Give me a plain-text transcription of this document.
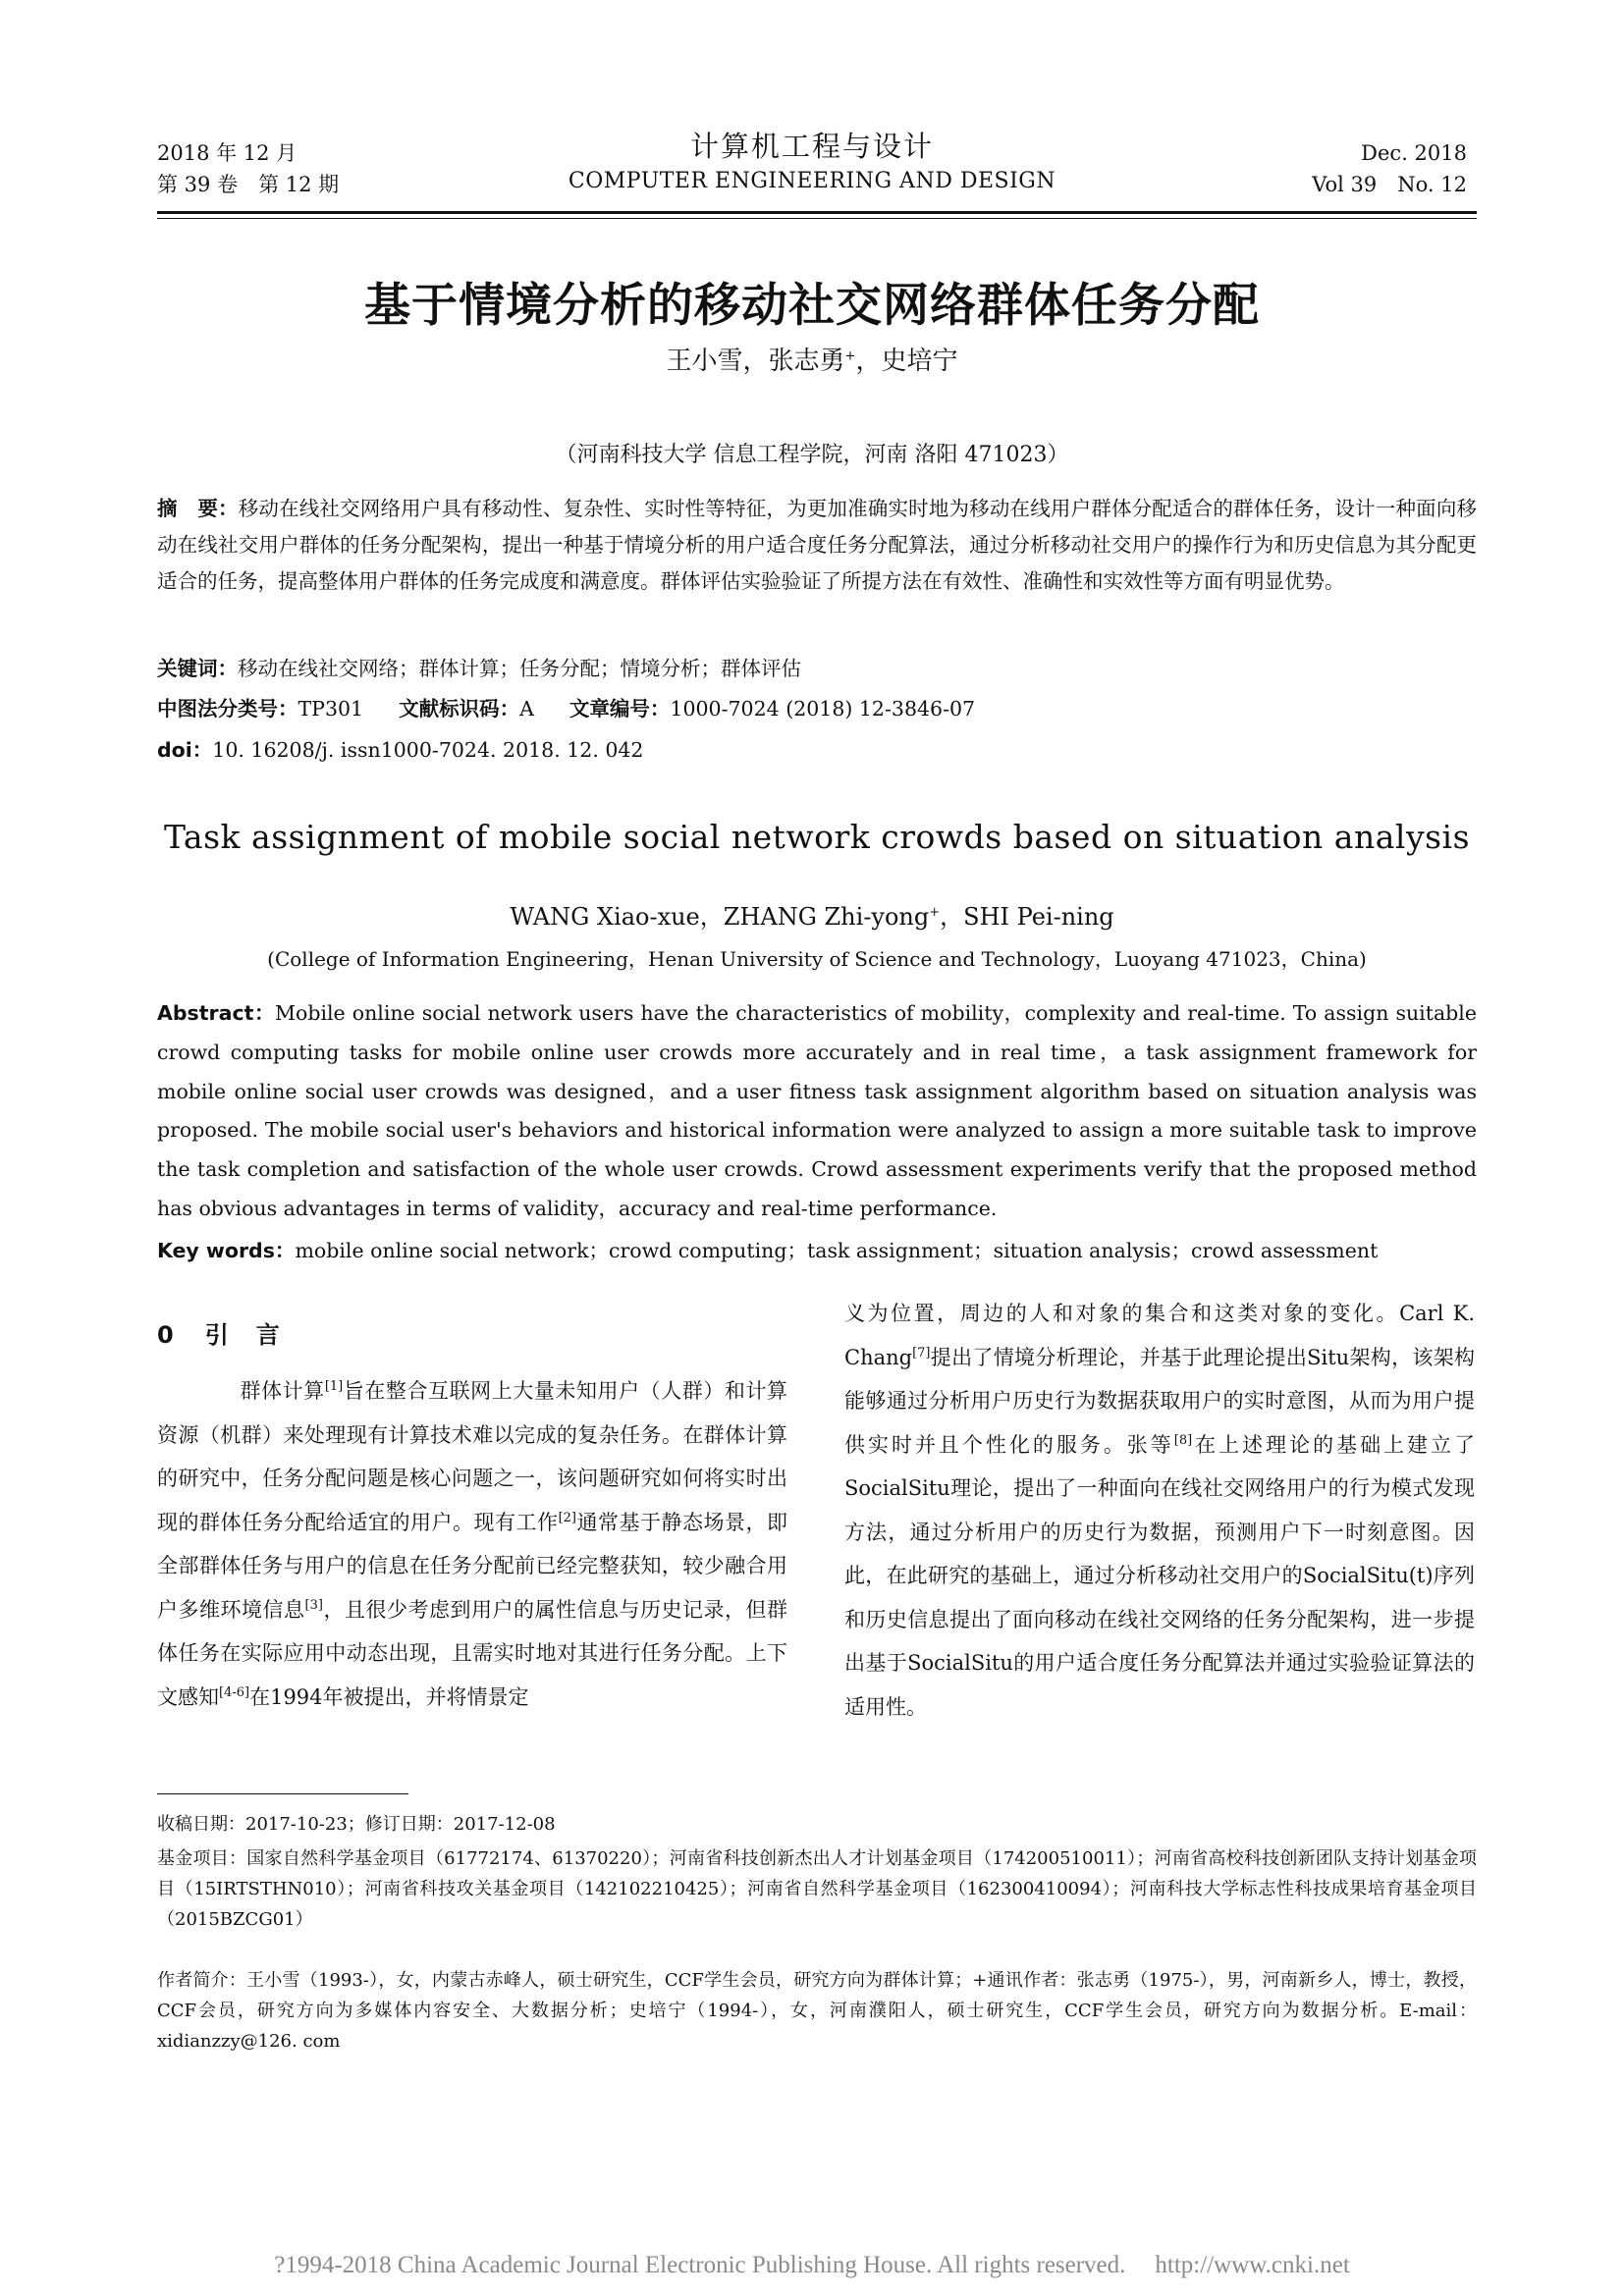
2018 年 12 月
第 39 卷　第 12 期
计算机工程与设计
COMPUTER ENGINEERING AND DESIGN
Dec. 2018
Vol 39　No. 12
基于情境分析的移动社交网络群体任务分配
王小雪，张志勇+，史培宁
（河南科技大学 信息工程学院，河南 洛阳 471023）
摘　要：移动在线社交网络用户具有移动性、复杂性、实时性等特征，为更加准确实时地为移动在线用户群体分配适合的群体任务，设计一种面向移动在线社交用户群体的任务分配架构，提出一种基于情境分析的用户适合度任务分配算法，通过分析移动社交用户的操作行为和历史信息为其分配更适合的任务，提高整体用户群体的任务完成度和满意度。群体评估实验验证了所提方法在有效性、准确性和实效性等方面有明显优势。
关键词：移动在线社交网络；群体计算；任务分配；情境分析；群体评估
中图法分类号：TP301 文献标识码：A 文章编号：1000-7024 (2018) 12-3846-07
doi：10. 16208/j. issn1000-7024. 2018. 12. 042
Task assignment of mobile social network crowds based on situation analysis
WANG Xiao-xue，ZHANG Zhi-yong+，SHI Pei-ning
(College of Information Engineering，Henan University of Science and Technology，Luoyang 471023，China)
Abstract：Mobile online social network users have the characteristics of mobility，complexity and real-time. To assign suitable crowd computing tasks for mobile online user crowds more accurately and in real time，a task assignment framework for mobile online social user crowds was designed，and a user fitness task assignment algorithm based on situation analysis was proposed. The mobile social user's behaviors and historical information were analyzed to assign a more suitable task to improve the task completion and satisfaction of the whole user crowds. Crowd assessment experiments verify that the proposed method has obvious advantages in terms of validity，accuracy and real-time performance.
Key words：mobile online social network；crowd computing；task assignment；situation analysis；crowd assessment
0 引　言
群体计算[1]旨在整合互联网上大量未知用户（人群）和计算资源（机群）来处理现有计算技术难以完成的复杂任务。在群体计算的研究中，任务分配问题是核心问题之一，该问题研究如何将实时出现的群体任务分配给适宜的用户。现有工作[2]通常基于静态场景，即全部群体任务与用户的信息在任务分配前已经完整获知，较少融合用户多维环境信息[3]，且很少考虑到用户的属性信息与历史记录，但群体任务在实际应用中动态出现，且需实时地对其进行任务分配。上下文感知[4-6]在1994年被提出，并将情景定
义为位置，周边的人和对象的集合和这类对象的变化。Carl K. Chang[7]提出了情境分析理论，并基于此理论提出Situ架构，该架构能够通过分析用户历史行为数据获取用户的实时意图，从而为用户提供实时并且个性化的服务。张等[8]在上述理论的基础上建立了SocialSitu理论，提出了一种面向在线社交网络用户的行为模式发现方法，通过分析用户的历史行为数据，预测用户下一时刻意图。因此，在此研究的基础上，通过分析移动社交用户的SocialSitu(t)序列和历史信息提出了面向移动在线社交网络的任务分配架构，进一步提出基于SocialSitu的用户适合度任务分配算法并通过实验验证算法的适用性。
收稿日期：2017-10-23；修订日期：2017-12-08
基金项目：国家自然科学基金项目（61772174、61370220）；河南省科技创新杰出人才计划基金项目（174200510011）；河南省高校科技创新团队支持计划基金项目（15IRTSTHN010）；河南省科技攻关基金项目（142102210425）；河南省自然科学基金项目（162300410094）；河南科技大学标志性科技成果培育基金项目（2015BZCG01）
作者简介：王小雪（1993-），女，内蒙古赤峰人，硕士研究生，CCF学生会员，研究方向为群体计算；+通讯作者：张志勇（1975-），男，河南新乡人，博士，教授，CCF会员，研究方向为多媒体内容安全、大数据分析；史培宁（1994-），女，河南濮阳人，硕士研究生，CCF学生会员，研究方向为数据分析。E-mail：xidianzzy@126. com
?1994-2018 China Academic Journal Electronic Publishing House. All rights reserved. http://www.cnki.net
